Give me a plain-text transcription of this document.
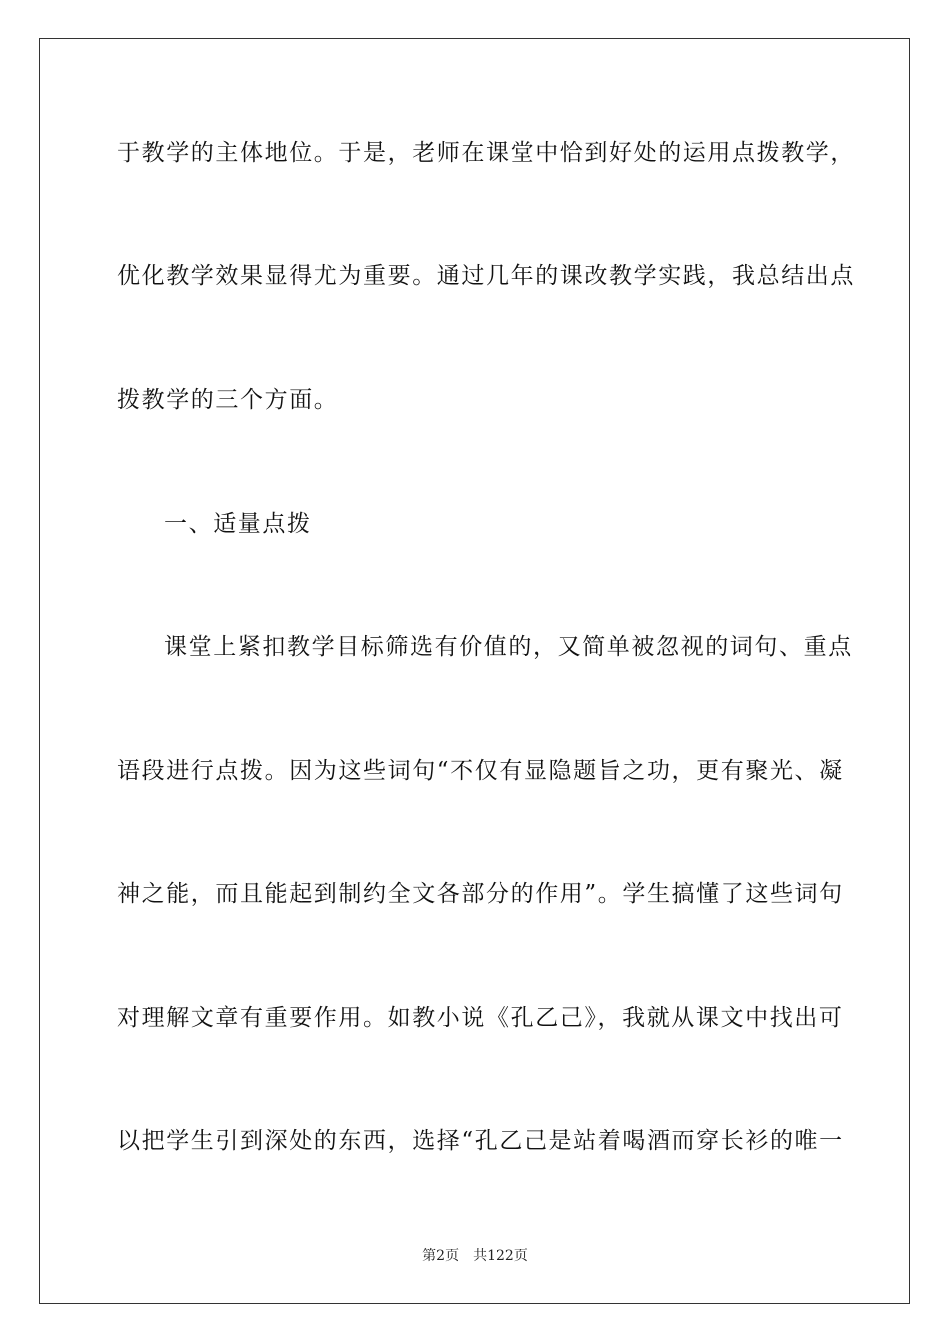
于教学的主体地位。于是，老师在课堂中恰到好处的运用点拨教学，
优化教学效果显得尤为重要。通过几年的课改教学实践，我总结出点
拨教学的三个方面。
一、适量点拨
课堂上紧扣教学目标筛选有价值的，又简单被忽视的词句、重点
语段进行点拨。因为这些词句“不仅有显隐题旨之功，更有聚光、凝
神之能，而且能起到制约全文各部分的作用”。学生搞懂了这些词句
对理解文章有重要作用。如教小说《孔乙己》，我就从课文中找出可
以把学生引到深处的东西，选择“孔乙己是站着喝酒而穿长衫的唯一
第2页 共122页
